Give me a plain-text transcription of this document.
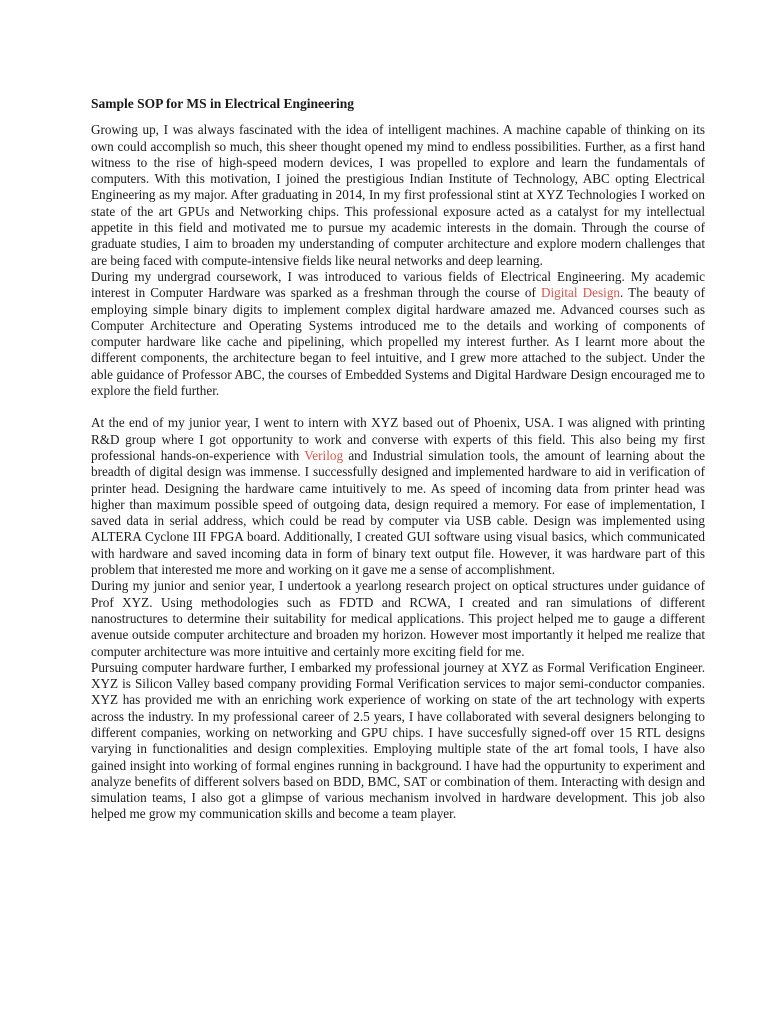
Sample SOP for MS in Electrical Engineering

Growing up, I was always fascinated with the idea of intelligent machines. A machine capable of thinking on its own could accomplish so much, this sheer thought opened my mind to endless possibilities. Further, as a first hand witness to the rise of high-speed modern devices, I was propelled to explore and learn the fundamentals of computers. With this motivation, I joined the prestigious Indian Institute of Technology, ABC opting Electrical Engineering as my major. After graduating in 2014, In my first professional stint at XYZ Technologies I worked on state of the art GPUs and Networking chips. This professional exposure acted as a catalyst for my intellectual appetite in this field and motivated me to pursue my academic interests in the domain. Through the course of graduate studies, I aim to broaden my understanding of computer architecture and explore modern challenges that are being faced with compute-intensive fields like neural networks and deep learning.

During my undergrad coursework, I was introduced to various fields of Electrical Engineering. My academic interest in Computer Hardware was sparked as a freshman through the course of Digital Design. The beauty of employing simple binary digits to implement complex digital hardware amazed me. Advanced courses such as Computer Architecture and Operating Systems introduced me to the details and working of components of computer hardware like cache and pipelining, which propelled my interest further. As I learnt more about the different components, the architecture began to feel intuitive, and I grew more attached to the subject. Under the able guidance of Professor ABC, the courses of Embedded Systems and Digital Hardware Design encouraged me to explore the field further.

At the end of my junior year, I went to intern with XYZ based out of Phoenix, USA. I was aligned with printing R&D group where I got opportunity to work and converse with experts of this field. This also being my first professional hands-on-experience with Verilog and Industrial simulation tools, the amount of learning about the breadth of digital design was immense. I successfully designed and implemented hardware to aid in verification of printer head. Designing the hardware came intuitively to me. As speed of incoming data from printer head was higher than maximum possible speed of outgoing data, design required a memory. For ease of implementation, I saved data in serial address, which could be read by computer via USB cable. Design was implemented using ALTERA Cyclone III FPGA board. Additionally, I created GUI software using visual basics, which communicated with hardware and saved incoming data in form of binary text output file. However, it was hardware part of this problem that interested me more and working on it gave me a sense of accomplishment.

During my junior and senior year, I undertook a yearlong research project on optical structures under guidance of Prof XYZ. Using methodologies such as FDTD and RCWA, I created and ran simulations of different nanostructures to determine their suitability for medical applications. This project helped me to gauge a different avenue outside computer architecture and broaden my horizon. However most importantly it helped me realize that computer architecture was more intuitive and certainly more exciting field for me.

Pursuing computer hardware further, I embarked my professional journey at XYZ as Formal Verification Engineer. XYZ is Silicon Valley based company providing Formal Verification services to major semi-conductor companies. XYZ has provided me with an enriching work experience of working on state of the art technology with experts across the industry. In my professional career of 2.5 years, I have collaborated with several designers belonging to different companies, working on networking and GPU chips. I have succesfully signed-off over 15 RTL designs varying in functionalities and design complexities. Employing multiple state of the art fomal tools, I have also gained insight into working of formal engines running in background. I have had the oppurtunity to experiment and analyze benefits of different solvers based on BDD, BMC, SAT or combination of them. Interacting with design and simulation teams, I also got a glimpse of various mechanism involved in hardware development. This job also helped me grow my communication skills and become a team player.
